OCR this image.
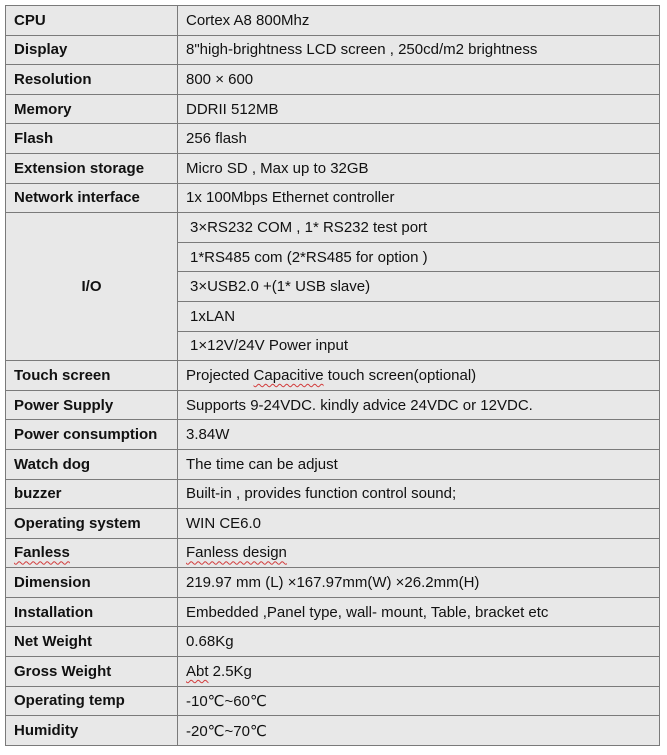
CPU	Cortex A8 800Mhz
Display	8"high-brightness LCD screen , 250cd/m2 brightness
Resolution	800 × 600
Memory	DDRII 512MB
Flash	256 flash
Extension storage	Micro SD , Max up to 32GB
Network interface	1x 100Mbps Ethernet controller
I/O	3×RS232 COM , 1* RS232 test port
	1*RS485 com (2*RS485 for option )
	3×USB2.0 +(1* USB slave)
	1xLAN
	1×12V/24V Power input
Touch screen	Projected Capacitive touch screen(optional)
Power Supply	Supports 9-24VDC. kindly advice 24VDC or 12VDC.
Power consumption	3.84W
Watch dog	The time can be adjust
buzzer	Built-in , provides function control sound;
Operating system	WIN CE6.0
Fanless	Fanless design
Dimension	219.97 mm (L) ×167.97mm(W) ×26.2mm(H)
Installation	Embedded ,Panel type, wall- mount, Table, bracket etc
Net Weight	0.68Kg
Gross Weight	Abt 2.5Kg
Operating temp	-10℃~60℃
Humidity	-20℃~70℃
